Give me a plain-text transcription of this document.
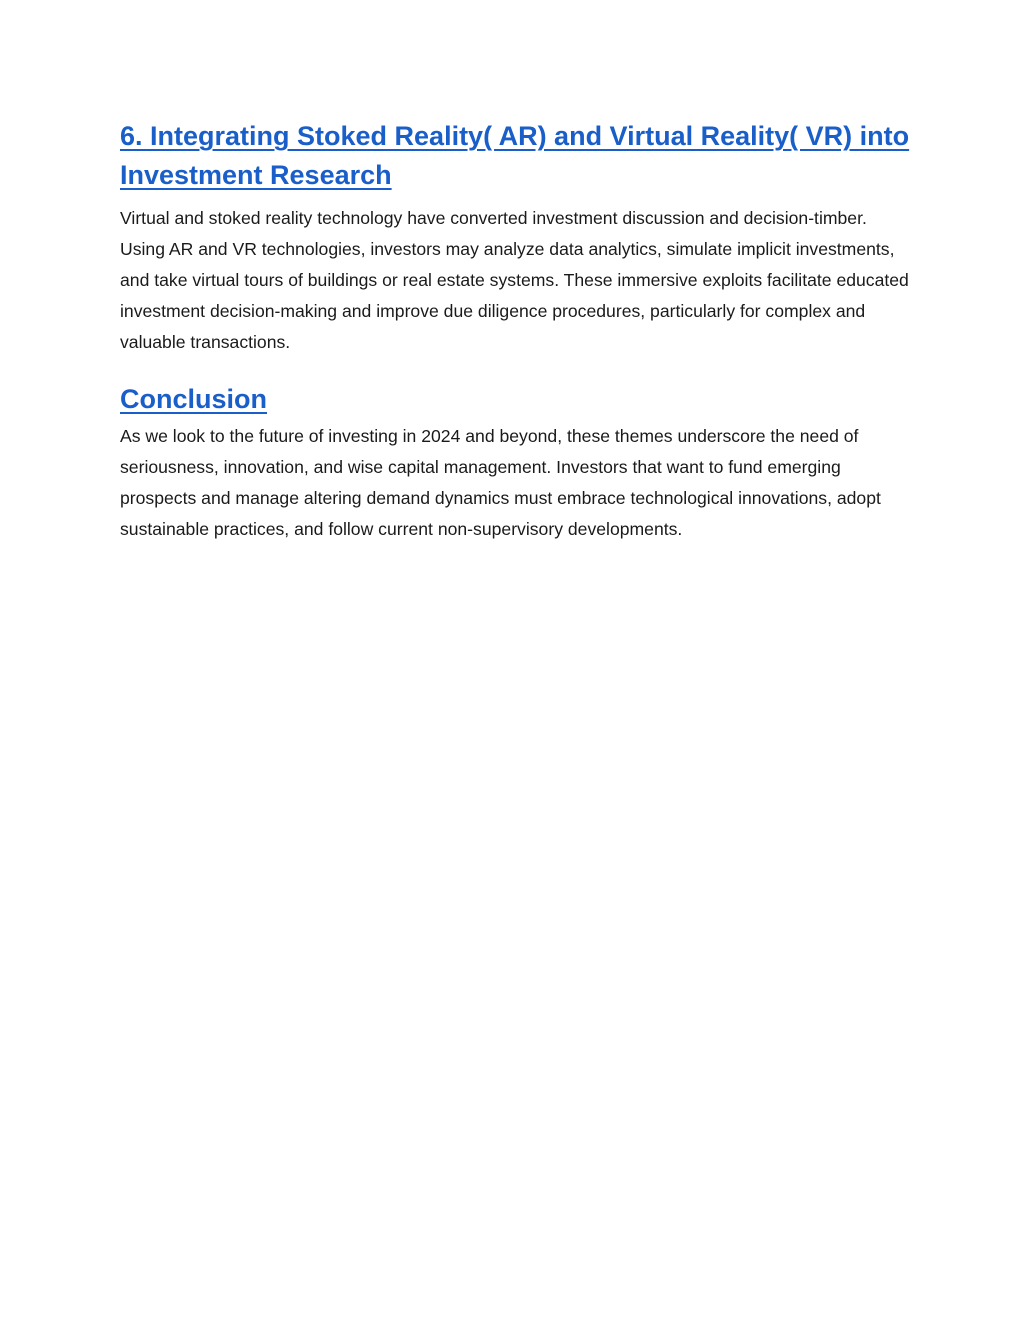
6. Integrating Stoked Reality( AR) and Virtual Reality( VR) into Investment Research

Virtual and stoked reality technology have converted investment discussion and decision-timber. Using AR and VR technologies, investors may analyze data analytics, simulate implicit investments, and take virtual tours of buildings or real estate systems. These immersive exploits facilitate educated investment decision-making and improve due diligence procedures, particularly for complex and valuable transactions.

Conclusion

As we look to the future of investing in 2024 and beyond, these themes underscore the need of seriousness, innovation, and wise capital management. Investors that want to fund emerging prospects and manage altering demand dynamics must embrace technological innovations, adopt sustainable practices, and follow current non-supervisory developments.
